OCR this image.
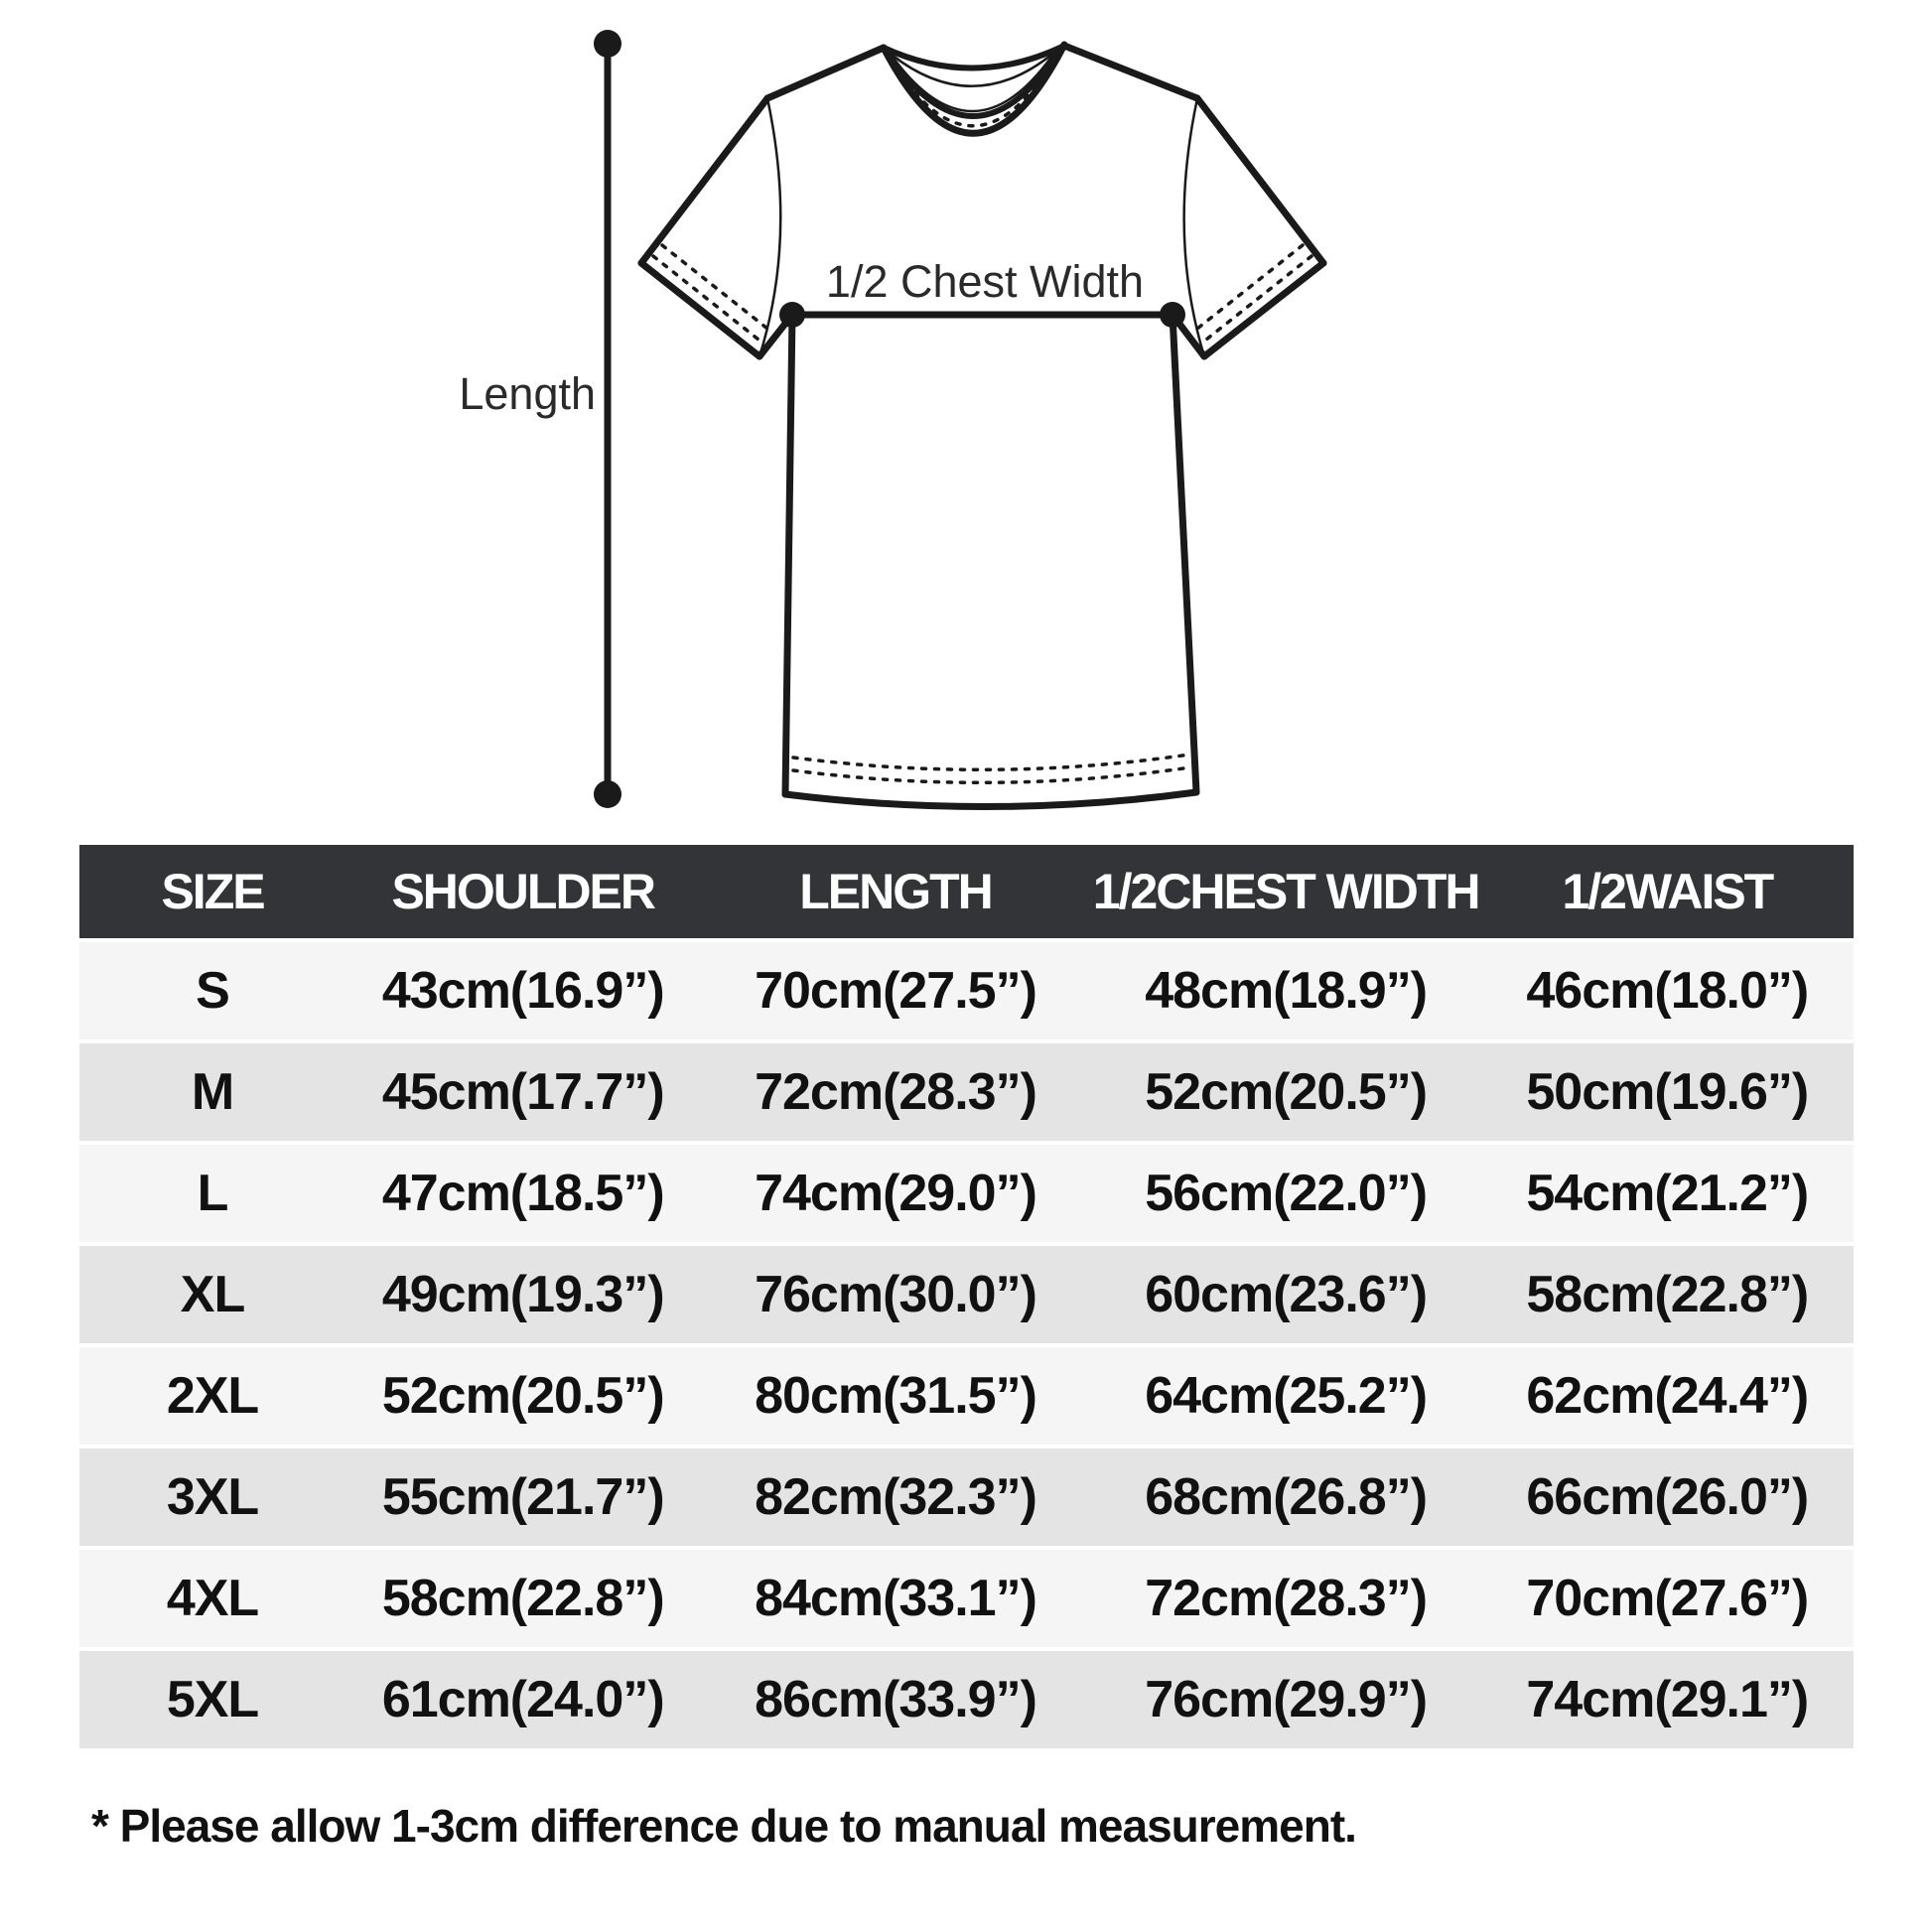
Length
1/2 Chest Width
SIZE	SHOULDER	LENGTH	1/2CHEST WIDTH	1/2WAIST
S	43cm(16.9”)	70cm(27.5”)	48cm(18.9”)	46cm(18.0”)
M	45cm(17.7”)	72cm(28.3”)	52cm(20.5”)	50cm(19.6”)
L	47cm(18.5”)	74cm(29.0”)	56cm(22.0”)	54cm(21.2”)
XL	49cm(19.3”)	76cm(30.0”)	60cm(23.6”)	58cm(22.8”)
2XL	52cm(20.5”)	80cm(31.5”)	64cm(25.2”)	62cm(24.4”)
3XL	55cm(21.7”)	82cm(32.3”)	68cm(26.8”)	66cm(26.0”)
4XL	58cm(22.8”)	84cm(33.1”)	72cm(28.3”)	70cm(27.6”)
5XL	61cm(24.0”)	86cm(33.9”)	76cm(29.9”)	74cm(29.1”)
* Please allow 1-3cm difference due to manual measurement.
